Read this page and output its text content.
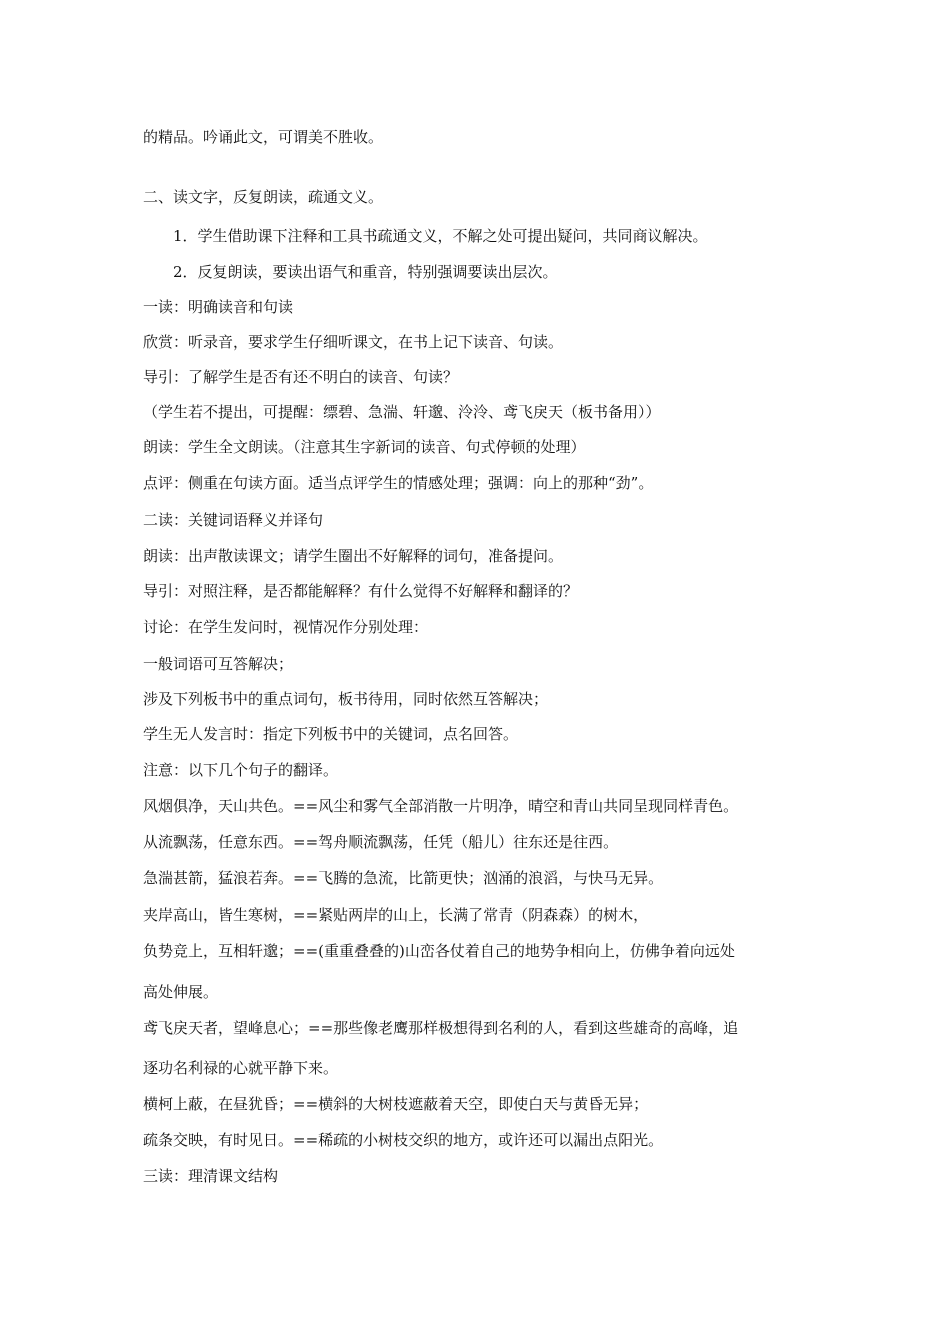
的精品。吟诵此文，可谓美不胜收。
二、读文字，反复朗读，疏通文义。
1．学生借助课下注释和工具书疏通文义，不解之处可提出疑问，共同商议解决。
2．反复朗读，要读出语气和重音，特别强调要读出层次。
一读：明确读音和句读
欣赏：听录音，要求学生仔细听课文，在书上记下读音、句读。
导引：了解学生是否有还不明白的读音、句读？
（学生若不提出，可提醒：缥碧、急湍、轩邈、泠泠、鸢飞戾天（板书备用））
朗读：学生全文朗读。（注意其生字新词的读音、句式停顿的处理）
点评：侧重在句读方面。适当点评学生的情感处理；强调：向上的那种“劲”。
二读：关键词语释义并译句
朗读：出声散读课文；请学生圈出不好解释的词句，准备提问。
导引：对照注释，是否都能解释？有什么觉得不好解释和翻译的？
讨论：在学生发问时，视情况作分别处理：
一般词语可互答解决；
涉及下列板书中的重点词句，板书待用，同时依然互答解决；
学生无人发言时：指定下列板书中的关键词，点名回答。
注意：以下几个句子的翻译。
风烟俱净，天山共色。==风尘和雾气全部消散一片明净，晴空和青山共同呈现同样青色。
从流飘荡，任意东西。==驾舟顺流飘荡，任凭（船儿）往东还是往西。
急湍甚箭，猛浪若奔。==飞腾的急流，比箭更快；汹涌的浪滔，与快马无异。
夹岸高山，皆生寒树，==紧贴两岸的山上，长满了常青（阴森森）的树木，
负势竞上，互相轩邈；==(重重叠叠的)山峦各仗着自己的地势争相向上，仿佛争着向远处
高处伸展。
鸢飞戾天者，望峰息心；==那些像老鹰那样极想得到名利的人，看到这些雄奇的高峰，追
逐功名利禄的心就平静下来。
横柯上蔽，在昼犹昏；==横斜的大树枝遮蔽着天空，即使白天与黄昏无异；
疏条交映，有时见日。==稀疏的小树枝交织的地方，或许还可以漏出点阳光。
三读：理清课文结构
